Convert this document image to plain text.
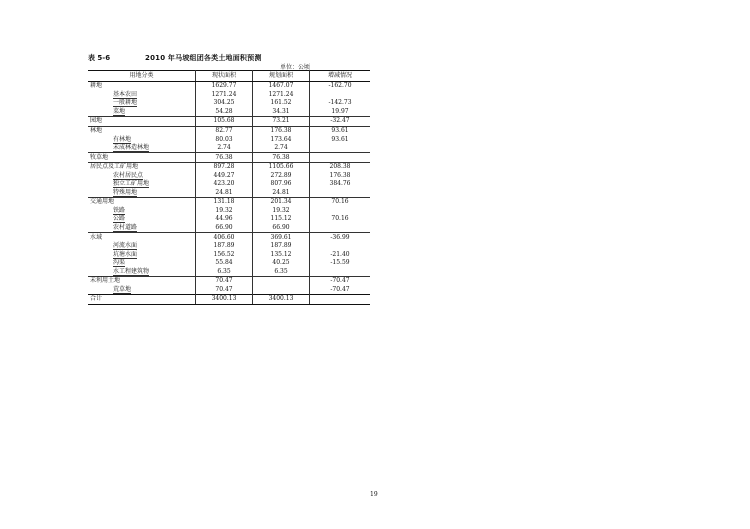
表 5-6	2010 年马坡组团各类土地面积预测
单位：公顷
用地分类	现状面积	规划面积	增减情况
耕地	1629.77	1467.07	-162.70
基本农田	1271.24	1271.24	
一般耕地	304.25	161.52	-142.73
菜地	54.28	34.31	19.97
园地	105.68	73.21	-32.47
林地	82.77	176.38	93.61
有林地	80.03	173.64	93.61
未成林造林地	2.74	2.74	
牧草地	76.38	76.38	
居民点及工矿用地	897.28	1105.66	208.38
农村居民点	449.27	272.89	176.38
独立工矿用地	423.20	807.96	384.76
特殊用地	24.81	24.81	
交通用地	131.18	201.34	70.16
铁路	19.32	19.32	
公路	44.96	115.12	70.16
农村道路	66.90	66.90	
水域	406.60	369.61	-36.99
河流水面	187.89	187.89	
坑塘水面	156.52	135.12	-21.40
沟渠	55.84	40.25	-15.59
水工程建筑物	6.35	6.35	
未利用土地	70.47		-70.47
荒草地	70.47		-70.47
合计	3400.13	3400.13	
19
